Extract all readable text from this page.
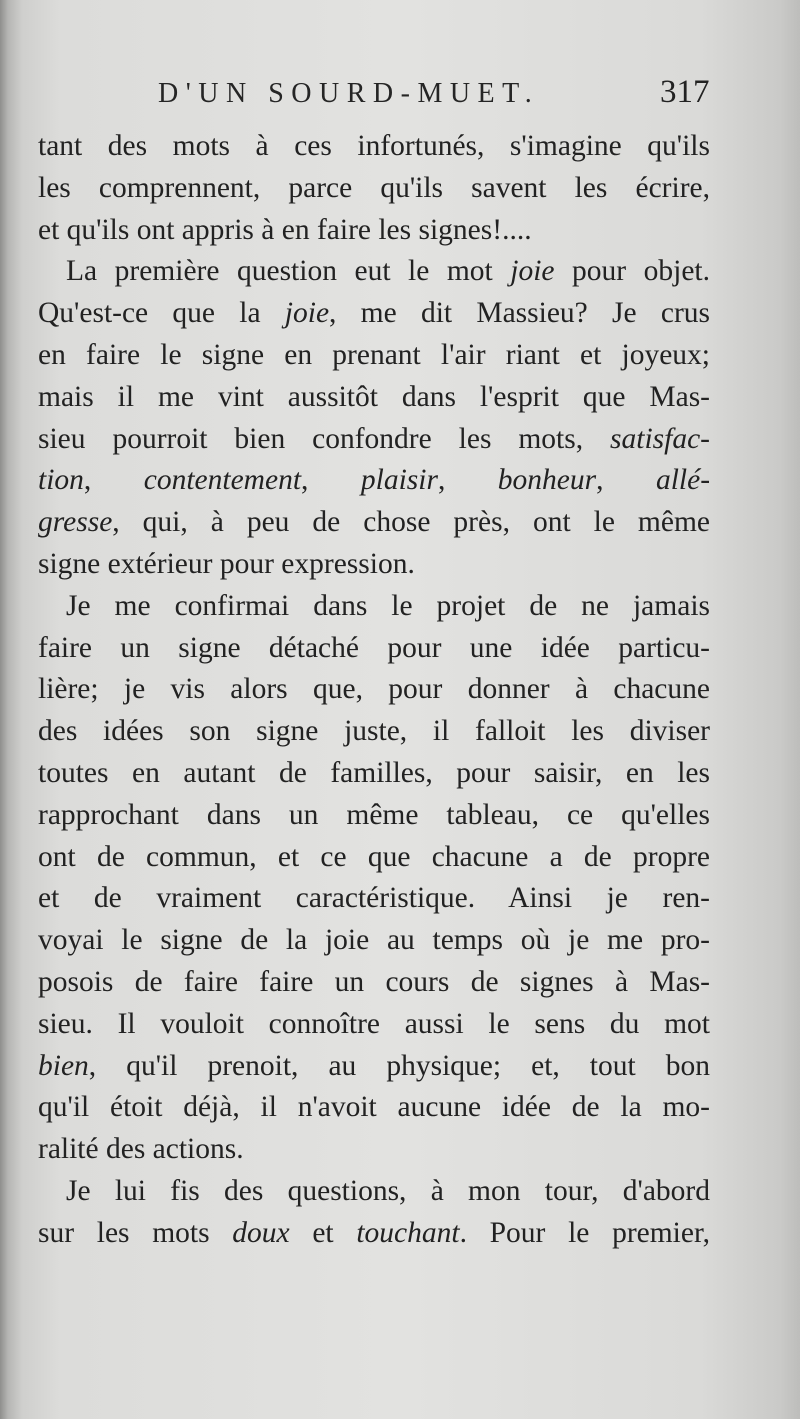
D'UN SOURD-MUET.	317
tant des mots à ces infortunés, s'imagine qu'ils
les comprennent, parce qu'ils savent les écrire,
et qu'ils ont appris à en faire les signes!....
La première question eut le mot joie pour objet.
Qu'est-ce que la joie, me dit Massieu? Je crus
en faire le signe en prenant l'air riant et joyeux;
mais il me vint aussitôt dans l'esprit que Mas-
sieu pourroit bien confondre les mots, satisfac-
tion, contentement, plaisir, bonheur, allé-
gresse, qui, à peu de chose près, ont le même
signe extérieur pour expression.
Je me confirmai dans le projet de ne jamais
faire un signe détaché pour une idée particu-
lière; je vis alors que, pour donner à chacune
des idées son signe juste, il falloit les diviser
toutes en autant de familles, pour saisir, en les
rapprochant dans un même tableau, ce qu'elles
ont de commun, et ce que chacune a de propre
et de vraiment caractéristique. Ainsi je ren-
voyai le signe de la joie au temps où je me pro-
posois de faire faire un cours de signes à Mas-
sieu. Il vouloit connoître aussi le sens du mot
bien, qu'il prenoit, au physique; et, tout bon
qu'il étoit déjà, il n'avoit aucune idée de la mo-
ralité des actions.
Je lui fis des questions, à mon tour, d'abord
sur les mots doux et touchant. Pour le premier,
